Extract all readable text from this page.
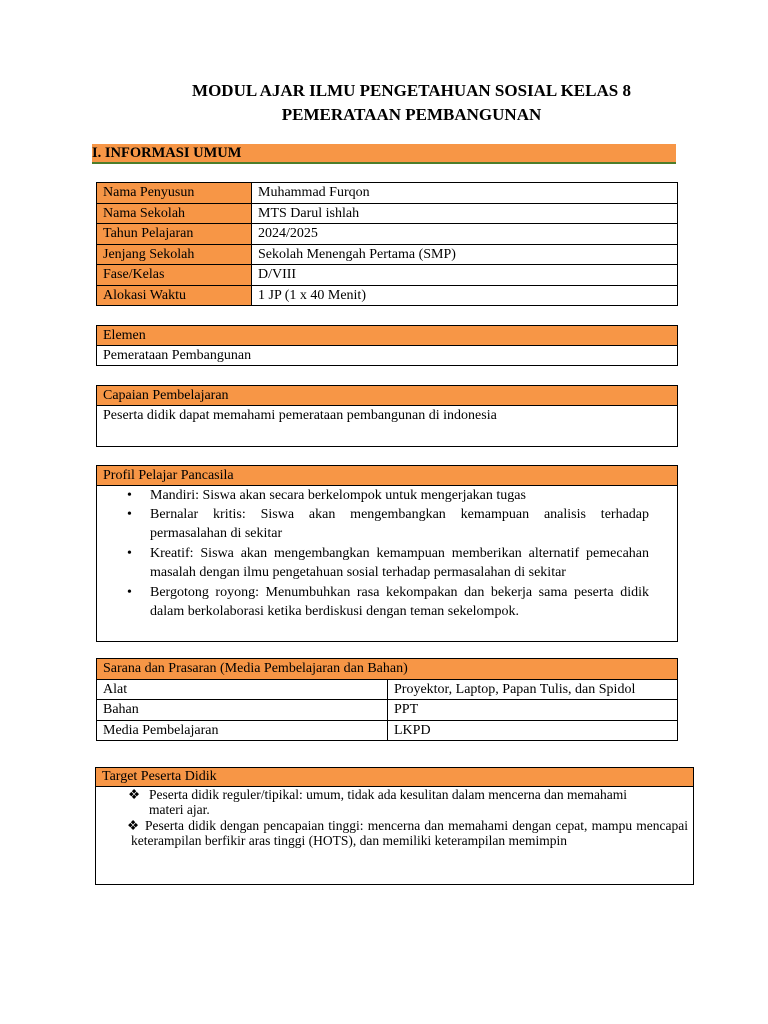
MODUL AJAR ILMU PENGETAHUAN SOSIAL KELAS 8
PEMERATAAN PEMBANGUNAN
I. INFORMASI UMUM
Nama Penyusun	Muhammad Furqon
Nama Sekolah	MTS Darul ishlah
Tahun Pelajaran	2024/2025
Jenjang Sekolah	Sekolah Menengah Pertama (SMP)
Fase/Kelas	D/VIII
Alokasi Waktu	1 JP (1 x 40 Menit)
Elemen
Pemerataan Pembangunan
Capaian Pembelajaran
Peserta didik dapat memahami pemerataan pembangunan di indonesia
Profil Pelajar Pancasila
• Mandiri: Siswa akan secara berkelompok untuk mengerjakan tugas
• Bernalar kritis: Siswa akan mengembangkan kemampuan analisis terhadap permasalahan di sekitar
• Kreatif: Siswa akan mengembangkan kemampuan memberikan alternatif pemecahan masalah dengan ilmu pengetahuan sosial terhadap permasalahan di sekitar
• Bergotong royong: Menumbuhkan rasa kekompakan dan bekerja sama peserta didik dalam berkolaborasi ketika berdiskusi dengan teman sekelompok.
Sarana dan Prasaran (Media Pembelajaran dan Bahan)	
Alat	Proyektor, Laptop, Papan Tulis, dan Spidol
Bahan	PPT
Media Pembelajaran	LKPD
Target Peserta Didik
❖ Peserta didik reguler/tipikal: umum, tidak ada kesulitan dalam mencerna dan memahami materi ajar.
❖ Peserta didik dengan pencapaian tinggi: mencerna dan memahami dengan cepat, mampu mencapai keterampilan berfikir aras tinggi (HOTS), dan memiliki keterampilan memimpin
